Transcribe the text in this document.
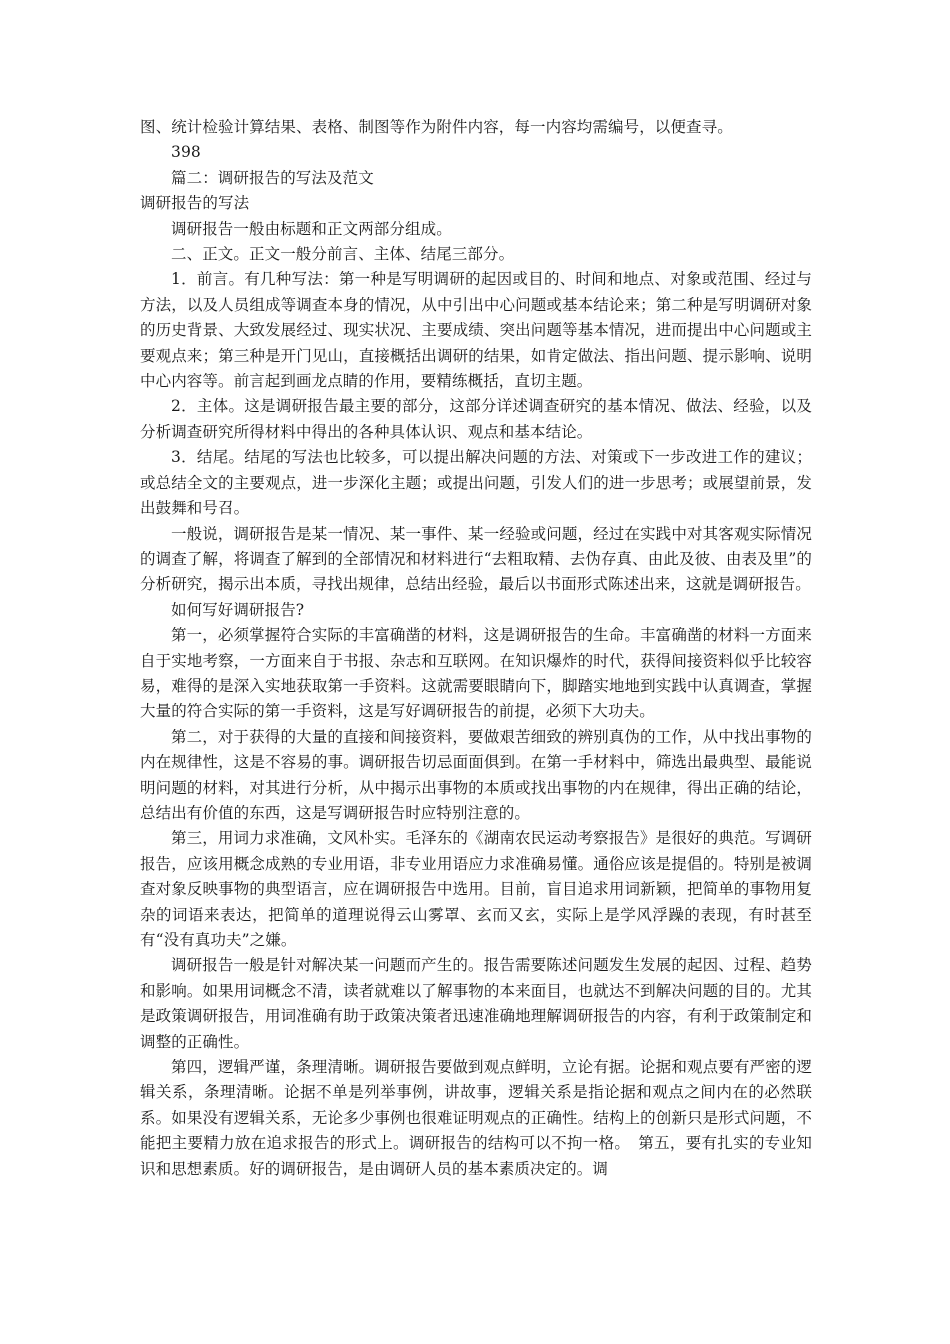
图、统计检验计算结果、表格、制图等作为附件内容，每一内容均需编号，以便查寻。

398

篇二：调研报告的写法及范文

调研报告的写法

调研报告一般由标题和正文两部分组成。

二、正文。正文一般分前言、主体、结尾三部分。

1．前言。有几种写法：第一种是写明调研的起因或目的、时间和地点、对象或范围、经过与方法，以及人员组成等调查本身的情况，从中引出中心问题或基本结论来；第二种是写明调研对象的历史背景、大致发展经过、现实状况、主要成绩、突出问题等基本情况，进而提出中心问题或主要观点来；第三种是开门见山，直接概括出调研的结果，如肯定做法、指出问题、提示影响、说明中心内容等。前言起到画龙点睛的作用，要精练概括，直切主题。

2．主体。这是调研报告最主要的部分，这部分详述调查研究的基本情况、做法、经验，以及分析调查研究所得材料中得出的各种具体认识、观点和基本结论。

3．结尾。结尾的写法也比较多，可以提出解决问题的方法、对策或下一步改进工作的建议；或总结全文的主要观点，进一步深化主题；或提出问题，引发人们的进一步思考；或展望前景，发出鼓舞和号召。

一般说，调研报告是某一情况、某一事件、某一经验或问题，经过在实践中对其客观实际情况的调查了解，将调查了解到的全部情况和材料进行“去粗取精、去伪存真、由此及彼、由表及里”的分析研究，揭示出本质，寻找出规律，总结出经验，最后以书面形式陈述出来，这就是调研报告。

如何写好调研报告?

第一，必须掌握符合实际的丰富确凿的材料，这是调研报告的生命。丰富确凿的材料一方面来自于实地考察，一方面来自于书报、杂志和互联网。在知识爆炸的时代，获得间接资料似乎比较容易，难得的是深入实地获取第一手资料。这就需要眼睛向下，脚踏实地地到实践中认真调查，掌握大量的符合实际的第一手资料，这是写好调研报告的前提，必须下大功夫。

第二，对于获得的大量的直接和间接资料，要做艰苦细致的辨别真伪的工作，从中找出事物的内在规律性，这是不容易的事。调研报告切忌面面俱到。在第一手材料中，筛选出最典型、最能说明问题的材料，对其进行分析，从中揭示出事物的本质或找出事物的内在规律，得出正确的结论，总结出有价值的东西，这是写调研报告时应特别注意的。

第三，用词力求准确，文风朴实。毛泽东的《湖南农民运动考察报告》是很好的典范。写调研报告，应该用概念成熟的专业用语，非专业用语应力求准确易懂。通俗应该是提倡的。特别是被调查对象反映事物的典型语言，应在调研报告中选用。目前，盲目追求用词新颖，把简单的事物用复杂的词语来表达，把简单的道理说得云山雾罩、玄而又玄，实际上是学风浮躁的表现，有时甚至有“没有真功夫”之嫌。

调研报告一般是针对解决某一问题而产生的。报告需要陈述问题发生发展的起因、过程、趋势和影响。如果用词概念不清，读者就难以了解事物的本来面目，也就达不到解决问题的目的。尤其是政策调研报告，用词准确有助于政策决策者迅速准确地理解调研报告的内容，有利于政策制定和调整的正确性。

第四，逻辑严谨，条理清晰。调研报告要做到观点鲜明，立论有据。论据和观点要有严密的逻辑关系，条理清晰。论据不单是列举事例，讲故事，逻辑关系是指论据和观点之间内在的必然联系。如果没有逻辑关系，无论多少事例也很难证明观点的正确性。结构上的创新只是形式问题，不能把主要精力放在追求报告的形式上。调研报告的结构可以不拘一格。　第五，要有扎实的专业知识和思想素质。好的调研报告，是由调研人员的基本素质决定的。调
